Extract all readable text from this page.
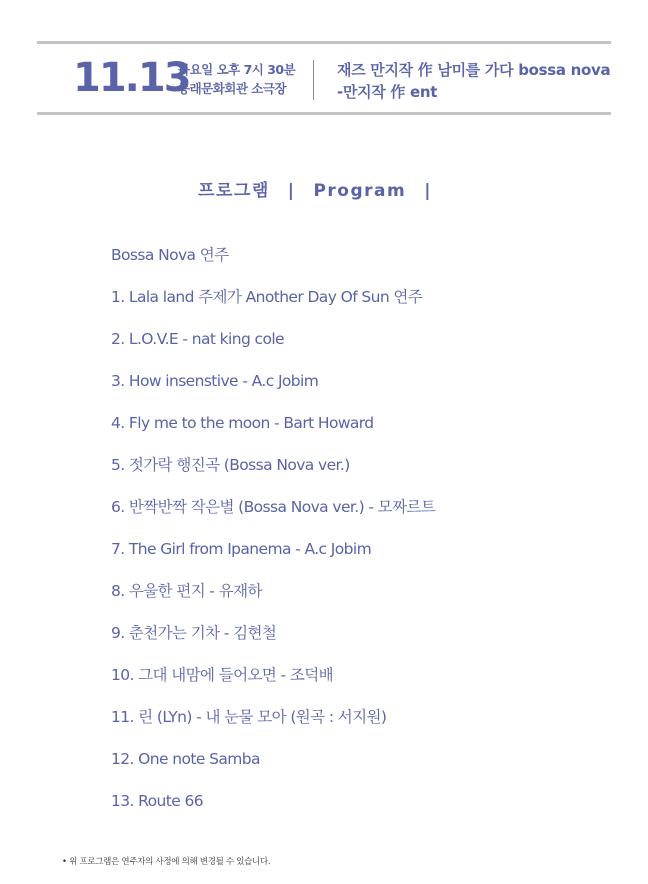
11.13
목요일 오후 7시 30분
동래문화회관 소극장
재즈 만지작 作 남미를 가다 bossa nova
-만지작 作 ent
프로그램 | Program |
Bossa Nova 연주
1. Lala land 주제가 Another Day Of Sun 연주
2. L.O.V.E - nat king cole
3. How insenstive - A.c Jobim
4. Fly me to the moon - Bart Howard
5. 젓가락 행진곡 (Bossa Nova ver.)
6. 반짝반짝 작은별 (Bossa Nova ver.) - 모짜르트
7. The Girl from Ipanema - A.c Jobim
8. 우울한 편지 - 유재하
9. 춘천가는 기차 - 김현철
10. 그대 내맘에 들어오면 - 조덕배
11. 린 (LYn) - 내 눈물 모아 (원곡 : 서지원)
12. One note Samba
13. Route 66
• 위 프로그램은 연주자의 사정에 의해 변경될 수 있습니다.
